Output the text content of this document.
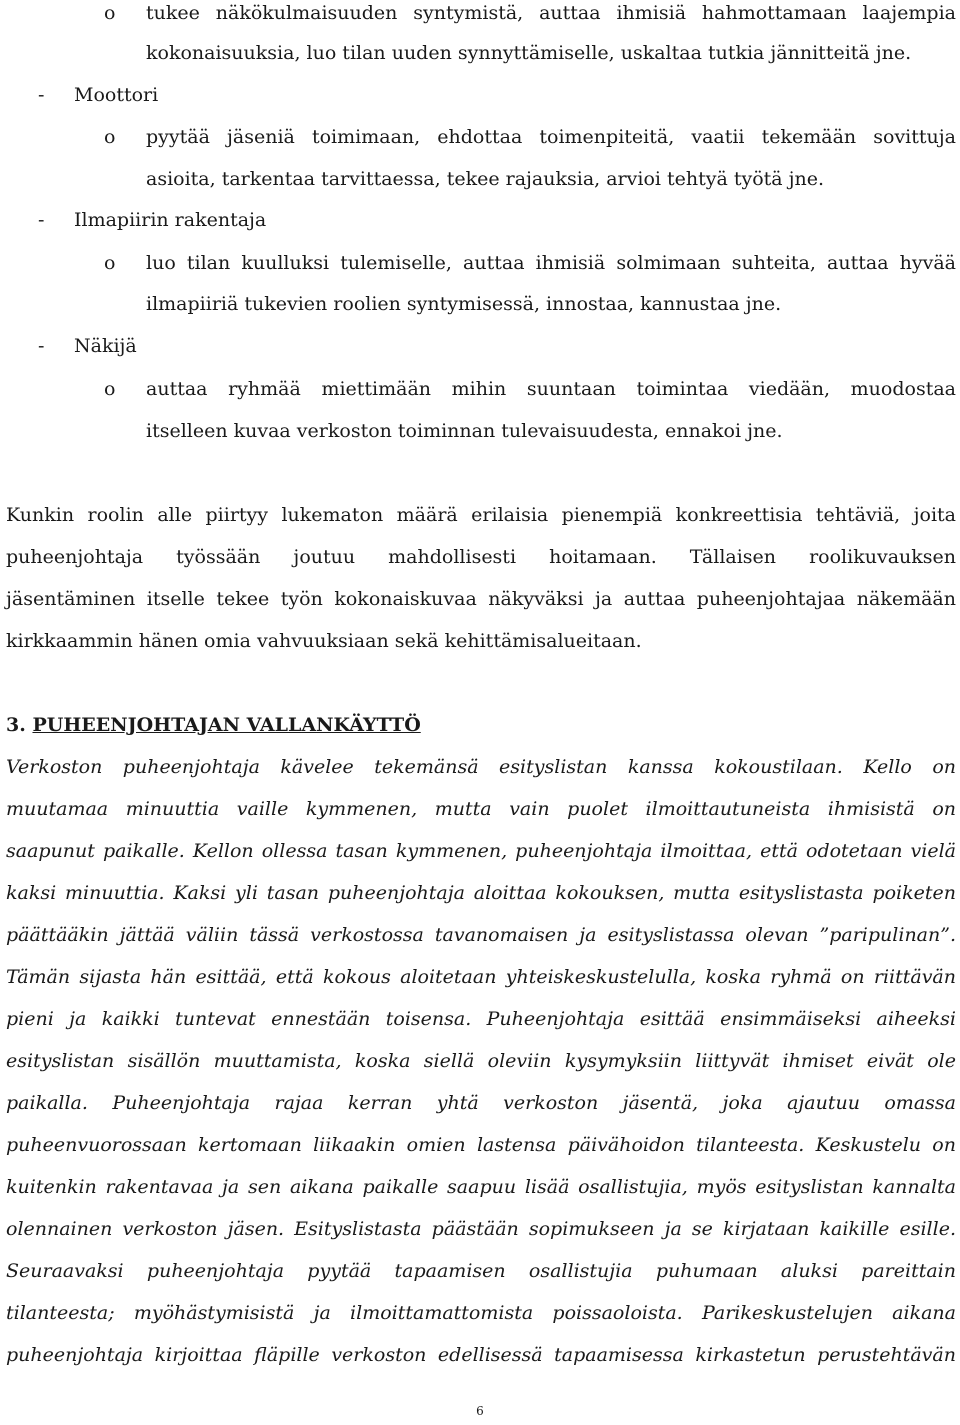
o tukee näkökulmaisuuden syntymistä, auttaa ihmisiä hahmottamaan laajempia
kokonaisuuksia, luo tilan uuden synnyttämiselle, uskaltaa tutkia jännitteitä jne.
- Moottori
o pyytää jäseniä toimimaan, ehdottaa toimenpiteitä, vaatii tekemään sovittuja
asioita, tarkentaa tarvittaessa, tekee rajauksia, arvioi tehtyä työtä jne.
- Ilmapiirin rakentaja
o luo tilan kuulluksi tulemiselle, auttaa ihmisiä solmimaan suhteita, auttaa hyvää
ilmapiiriä tukevien roolien syntymisessä, innostaa, kannustaa jne.
- Näkijä
o auttaa ryhmää miettimään mihin suuntaan toimintaa viedään, muodostaa
itselleen kuvaa verkoston toiminnan tulevaisuudesta, ennakoi jne.
Kunkin roolin alle piirtyy lukematon määrä erilaisia pienempiä konkreettisia tehtäviä, joita
puheenjohtaja työssään joutuu mahdollisesti hoitamaan. Tällaisen roolikuvauksen
jäsentäminen itselle tekee työn kokonaiskuvaa näkyväksi ja auttaa puheenjohtajaa näkemään
kirkkaammin hänen omia vahvuuksiaan sekä kehittämisalueitaan.
3. PUHEENJOHTAJAN VALLANKÄYTTÖ
Verkoston puheenjohtaja kävelee tekemänsä esityslistan kanssa kokoustilaan. Kello on
muutamaa minuuttia vaille kymmenen, mutta vain puolet ilmoittautuneista ihmisistä on
saapunut paikalle. Kellon ollessa tasan kymmenen, puheenjohtaja ilmoittaa, että odotetaan vielä
kaksi minuuttia. Kaksi yli tasan puheenjohtaja aloittaa kokouksen, mutta esityslistasta poiketen
päättääkin jättää väliin tässä verkostossa tavanomaisen ja esityslistassa olevan ”paripulinan”.
Tämän sijasta hän esittää, että kokous aloitetaan yhteiskeskustelulla, koska ryhmä on riittävän
pieni ja kaikki tuntevat ennestään toisensa. Puheenjohtaja esittää ensimmäiseksi aiheeksi
esityslistan sisällön muuttamista, koska siellä oleviin kysymyksiin liittyvät ihmiset eivät ole
paikalla. Puheenjohtaja rajaa kerran yhtä verkoston jäsentä, joka ajautuu omassa
puheenvuorossaan kertomaan liikaakin omien lastensa päivähoidon tilanteesta. Keskustelu on
kuitenkin rakentavaa ja sen aikana paikalle saapuu lisää osallistujia, myös esityslistan kannalta
olennainen verkoston jäsen. Esityslistasta päästään sopimukseen ja se kirjataan kaikille esille.
Seuraavaksi puheenjohtaja pyytää tapaamisen osallistujia puhumaan aluksi pareittain
tilanteesta; myöhästymisistä ja ilmoittamattomista poissaoloista. Parikeskustelujen aikana
puheenjohtaja kirjoittaa fläpille verkoston edellisessä tapaamisessa kirkastetun perustehtävän
6
